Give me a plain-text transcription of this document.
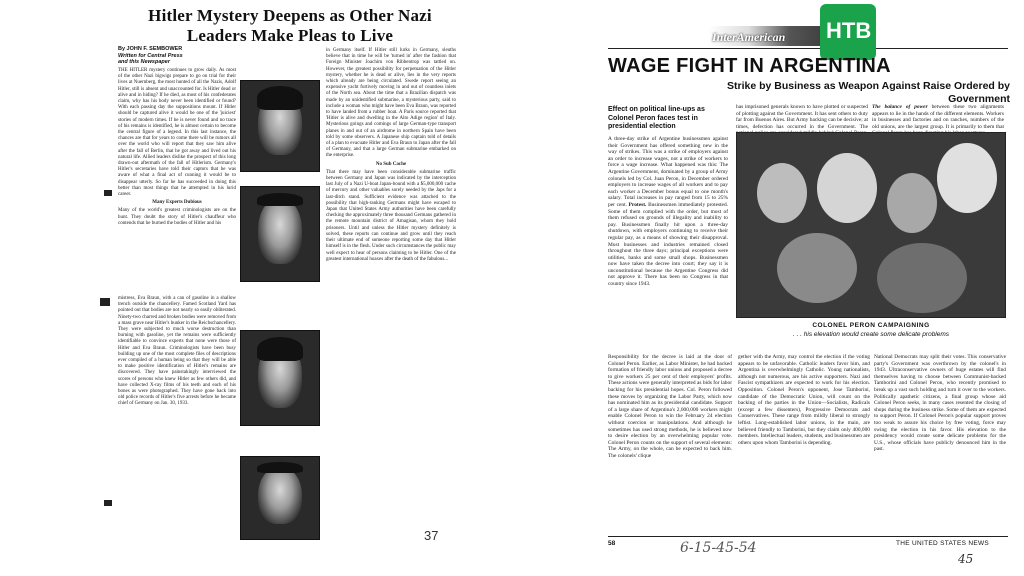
Hitler Mystery Deepens as Other Nazi Leaders Make Pleas to Live
By JOHN F. SEMBOWER
Written for Central Press
and this Newspaper
THE HITLER mystery continues to grow daily. As most of the other Nazi bigwigs prepare to go on trial for their lives at Nuernberg, the most hunted of all the Nazis, Adolf Hitler, still is absent and unaccounted for. Is Hitler dead or alive and in hiding? If he died, as most of his confederates claim, why has his body never been identified or found? With each passing day the suppositions mount. If Hitler should be captured alive it would be one of the 'juiciest' stories of modern times. If he is never found and no trace of his remains is identified, he is almost certain to become the central figure of a legend. In this last instance, the chances are that for years to come there will be rumors all over the world who will report that they saw him alive after the fall of Berlin, that he got away and lived out his natural life. Allied leaders dislike the prospect of this long drawn-out aftermath of the fall of Hitlerism. Germany's Hitler's secretaries have told their captors that he was aware of what a final act of cunning it would be to disappear utterly. So far he has succeeded in doing this better than most things that he attempted in his lurid career.
Many Experts Dubious
Many of the world's greatest criminologists are on the hunt. They doubt the story of Hitler's chauffeur who contends that he burned the bodies of Hitler and his
mistress, Eva Braun, with a can of gasoline in a shallow trench outside the chancellery. Famed Scotland Yard has pointed out that bodies are not nearly so easily obliterated. Ninety-two charred and broken bodies were removed from a mass grave near Hitler's bunker in the Reichschancellery. They were subjected to much worse destruction than burning with gasoline, yet the remains were sufficiently identifiable to convince experts that none were those of Hitler and Eva Braun. Criminologists have been busy building up one of the most complete files of descriptions ever compiled of a human being so that they will be able to make positive identification of Hitler's remains are discovered. They have painstakingly interviewed the scores of persons who knew Hitler as few others did, and have collected X-ray films of his teeth and each of his bones as were photographed. They have gone back into old police records of Hitler's five arrests before he became chief of Germany on Jan. 30, 1933.
in Germany itself. If Hitler still lurks in Germany, sleuths believe that in time he will be 'turned in' after the fashion that Foreign Minister Joachim von Ribbentrop was tattled on. However, the greatest possibility for perpetuation of the Hitler mystery, whether he is dead or alive, lies in the very reports which already are being circulated. Swede report seeing an expensive yacht furtively moving in and out of countless inlets of the North sea. About the time that a Brazilian dispatch was made by an unidentified submarine, a mysterious party, said to include a woman who might have been Eva Braun, was reported to have landed from a rubber boat. A Paris source reported that 'Hitler is alive and dwelling in the Alto Adige region' of Italy. Mysterious goings and comings of large German-type transport planes in and out of an airdrome in northern Spain have been told by some observers. A Japanese ship captain told of details of a plan to evacuate Hitler and Eva Braun to Japan after the fall of Germany, and that a large German submarine embarked on the enterprise.
No Sub Cache
That there may have been considerable submarine traffic between Germany and Japan was indicated by the interception last July of a Nazi U-boat Japan-bound with a $5,000,000 cache of mercury and other valuables sorely needed by the Japs for a last-ditch stand. Sufficient evidence was attached to the possibility that high-ranking Germans might have escaped to Japan that United States Army authorities have been carefully checking the approximately three thousand Germans gathered in the remote mountain district of Amagisan, whom they hold prisoners. Until and unless the Hitler mystery definitely is solved, these reports can continue and grow until they reach their ultimate end of someone reporting some day that Hitler himself is in the flesh. Under such circumstances the public may well expect to hear of persons claiming to be Hitler. One of the greatest international hoaxes after the death of the fabulous...
37
InterAmerican НТВ
WAGE FIGHT IN ARGENTINA
Strike by Business as Weapon Against Raise Ordered by Government
Effect on political line-ups as Colonel Peron faces test in presidential election
A three-day strike of Argentine businessmen against their Government has offered something new in the way of strikes. This was a strike of employers against an order to increase wages, not a strike of workers to force a wage increase. What happened was this: The Argentine Government, dominated by a group of Army colonels led by Col. Juan Peron, in December ordered employers to increase wages of all workers and to pay each worker a December bonus equal to one month's salary. Total increases in pay ranged from 15 to 25% per cent. Protest. Businessmen immediately protested. Some of them complied with the order, but most of them refused on grounds of illegality and inability to pay. Businessmen finally hit upon a three-day shutdown, with employers continuing to receive their regular pay, as a means of showing their disapproval. Most businesses and industries remained closed throughout the three days; principal exceptions were utilities, banks and some small shops. Businessmen now have taken the decree into court; they say it is unconstitutional because the Argentine Congress did not approve it. There has been no Congress in that country since 1943.
has imprisoned generals known to have plotted or suspected of plotting against the Government. It has sent others to duty far from Buenos Aires. But Army backing can be decisive; at times, defection has occurred in the Government. The
The balance of power between these two alignments appears to lie in the hands of the different elements. Workers in businesses and factories and on ranches, numbers of the old unions, are the largest group. It is primarily to them that
COLONEL PERON CAMPAIGNING
. . . his elevation would create some delicate problems
Responsibility for the decree is laid at the door of Colonel Peron. Earlier, as Labor Minister, he had backed formation of friendly labor unions and proposed a decree to give workers 25 per cent of their employers' profits. These actions were generally interpreted as bids for labor backing for his presidential hopes. Col. Peron followed these moves by organizing the Labor Party, which now has nominated him as its presidential candidate. Support of a large share of Argentina's 2,000,000 workers might enable Colonel Peron to win the February 24 election without coercion or manipulations. And although he sometimes has used strong methods, he is believed now to desire election by an overwhelming popular vote. Colonel Peron counts on the support of several elements: The Army, on the whole, can be expected to back him. The colonels' clique
gether with the Army, may control the election if the voting appears to be unfavorable. Catholic leaders favor him, and Argentina is overwhelmingly Catholic. Young nationalists, although not numerous, are his active supporters. Nazi and Fascist sympathizers are expected to work for his election. Opposition. Colonel Peron's opponent, Jose Tamborini, candidate of the Democratic Union, will count on the backing of the parties in the Union—Socialists, Radicals (except a few dissenters), Progressive Democrats and Conservatives. These range from mildly liberal to strongly leftist. Long-established labor unions, in the main, are believed friendly to Tamborini, but they claim only 400,000 members. Intellectual leaders, students, and businessmen are others upon whom Tamborini is depending.
National Democrats may split their votes. This conservative party's Government was overthrown by the colonel's in 1943. Ultraconservative owners of huge estates will find themselves having to choose between Communist-backed Tamborini and Colonel Peron, who recently promised to break up a vast such holding and turn it over to the workers. Politically apathetic citizens, a final group whose aid Colonel Peron seeks, in many cases resented the closing of shops during the business strike. Some of them are expected to support Peron. If Colonel Peron's popular support proves too weak to assure his choice by free voting, force may swing the election in his favor. His elevation to the presidency would create some delicate problems for the U.S., whose officials have publicly denounced him in the past.
58	6-15-45-54	THE UNITED STATES NEWS
45
